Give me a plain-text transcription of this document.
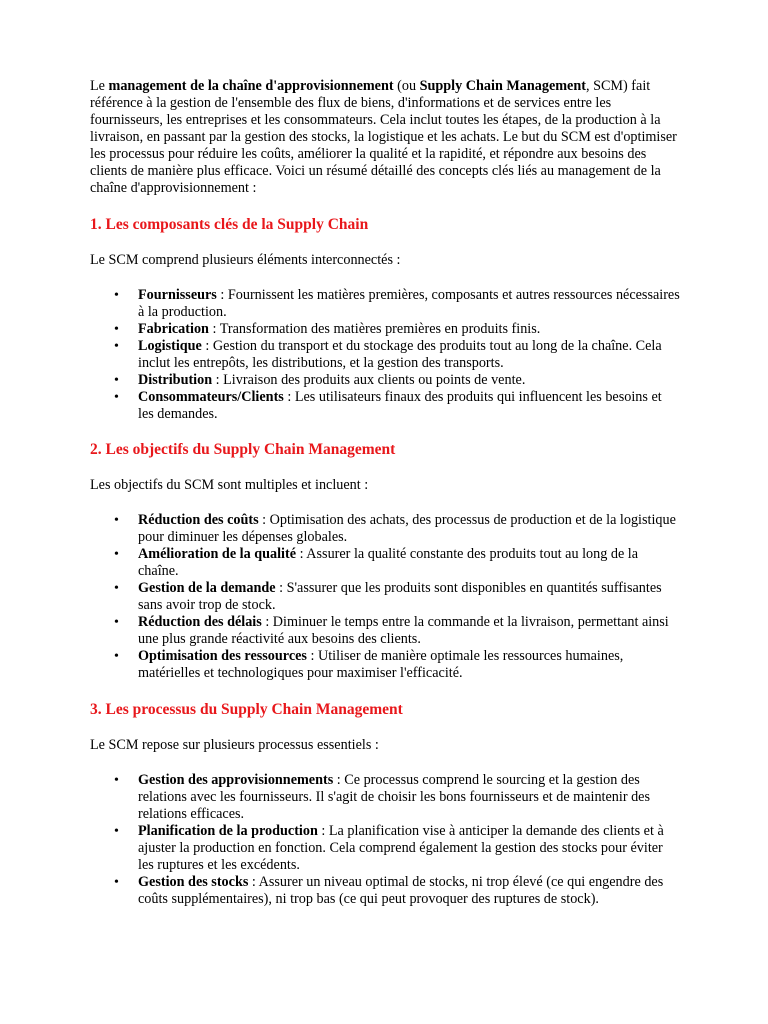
Le management de la chaîne d'approvisionnement (ou Supply Chain Management, SCM) fait référence à la gestion de l'ensemble des flux de biens, d'informations et de services entre les fournisseurs, les entreprises et les consommateurs. Cela inclut toutes les étapes, de la production à la livraison, en passant par la gestion des stocks, la logistique et les achats. Le but du SCM est d'optimiser les processus pour réduire les coûts, améliorer la qualité et la rapidité, et répondre aux besoins des clients de manière plus efficace. Voici un résumé détaillé des concepts clés liés au management de la chaîne d'approvisionnement :

1. Les composants clés de la Supply Chain

Le SCM comprend plusieurs éléments interconnectés :

• Fournisseurs : Fournissent les matières premières, composants et autres ressources nécessaires à la production.
• Fabrication : Transformation des matières premières en produits finis.
• Logistique : Gestion du transport et du stockage des produits tout au long de la chaîne. Cela inclut les entrepôts, les distributions, et la gestion des transports.
• Distribution : Livraison des produits aux clients ou points de vente.
• Consommateurs/Clients : Les utilisateurs finaux des produits qui influencent les besoins et les demandes.
2. Les objectifs du Supply Chain Management

Les objectifs du SCM sont multiples et incluent :

• Réduction des coûts : Optimisation des achats, des processus de production et de la logistique pour diminuer les dépenses globales.
• Amélioration de la qualité : Assurer la qualité constante des produits tout au long de la chaîne.
• Gestion de la demande : S'assurer que les produits sont disponibles en quantités suffisantes sans avoir trop de stock.
• Réduction des délais : Diminuer le temps entre la commande et la livraison, permettant ainsi une plus grande réactivité aux besoins des clients.
• Optimisation des ressources : Utiliser de manière optimale les ressources humaines, matérielles et technologiques pour maximiser l'efficacité.
3. Les processus du Supply Chain Management

Le SCM repose sur plusieurs processus essentiels :

• Gestion des approvisionnements : Ce processus comprend le sourcing et la gestion des relations avec les fournisseurs. Il s'agit de choisir les bons fournisseurs et de maintenir des relations efficaces.
• Planification de la production : La planification vise à anticiper la demande des clients et à ajuster la production en fonction. Cela comprend également la gestion des stocks pour éviter les ruptures et les excédents.
• Gestion des stocks : Assurer un niveau optimal de stocks, ni trop élevé (ce qui engendre des coûts supplémentaires), ni trop bas (ce qui peut provoquer des ruptures de stock).
